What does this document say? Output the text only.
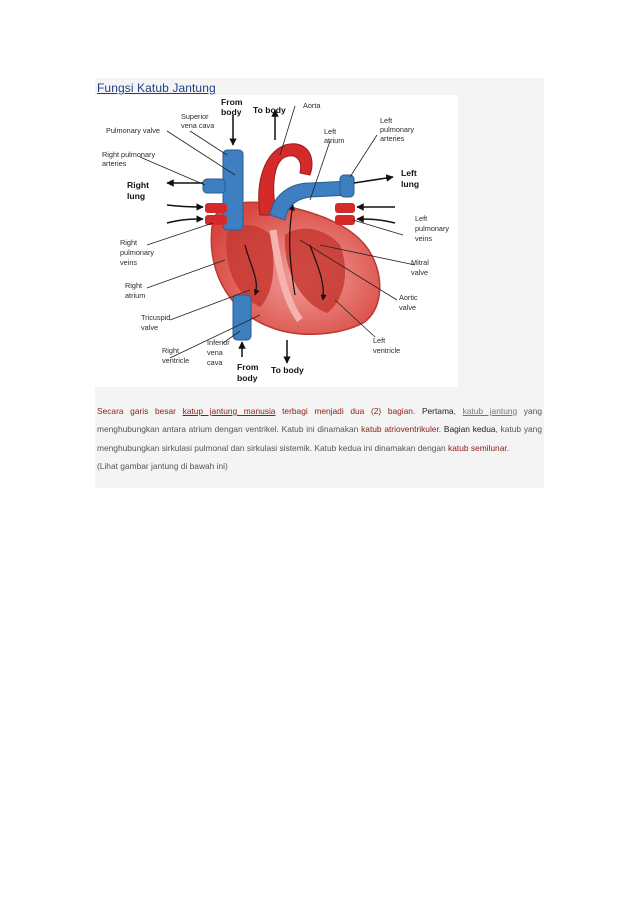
Fungsi Katub Jantung
From
body To body Aorta
Superior
vena cava
Pulmonary valve	Left
atrium
Left
pulmonary
arteries
Right pulmonary
arteries
Right
lung
Left
lung
Left
pulmonary
veins
Right
pulmonary
veins	Mitral
valve
Right
atrium	Aortic
valve
Tricuspid
valve
Left
ventricle
Inferior
vena
cava
Right
ventricle
From
body
To body

Secara garis besar katup jantung manusia terbagi menjadi dua (2) bagian. Pertama, katub jantung yang menghubungkan antara atrium dengan ventrikel. Katub ini dinamakan katub atrioventrikuler. Bagian kedua, katub yang menghubungkan sirkulasi pulmonal dan sirkulasi sistemik. Katub kedua ini dinamakan dengan katub semilunar.

(Lihat gambar jantung di bawah ini)
